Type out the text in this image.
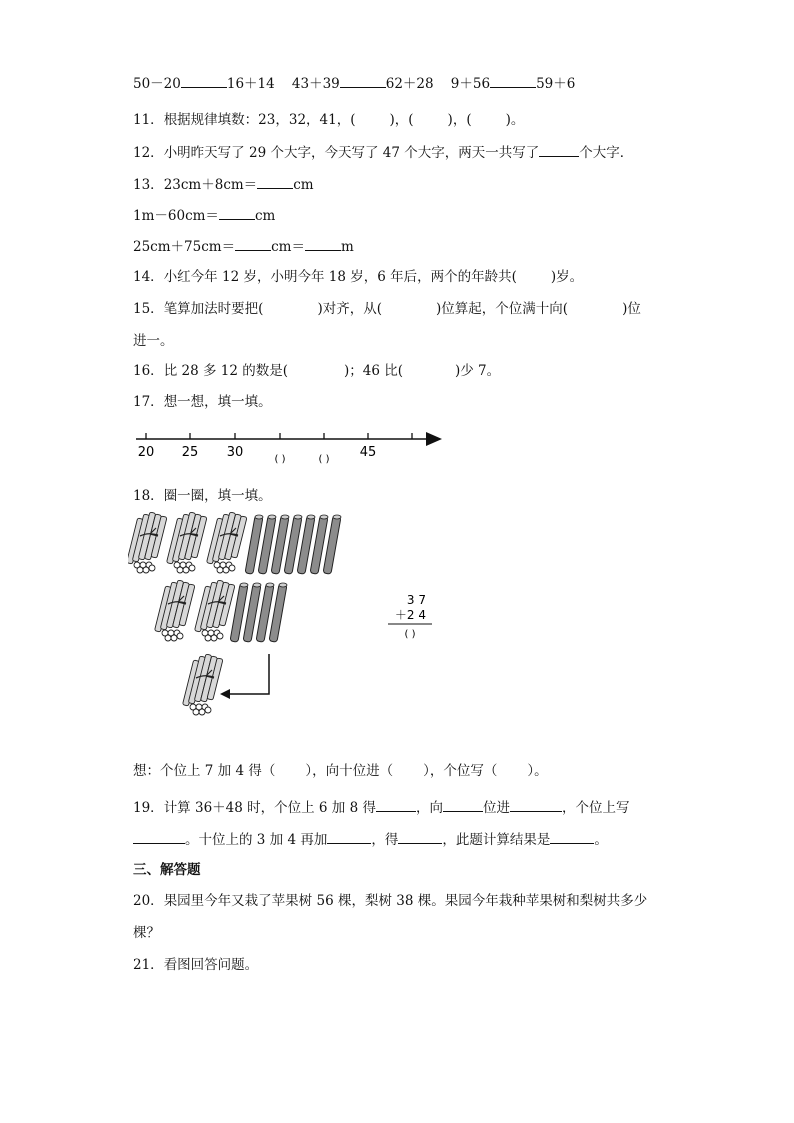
50－20	16＋14 43＋39	62＋28 9＋56	59＋6
11．根据规律填数：23，32，41，(	)，(	)，(	)。
12．小明昨天写了 29 个大字，今天写了 47 个大字，两天一共写了	个大字．
13．23cm＋8cm＝	cm
1m－60cm＝	cm
25cm＋75cm＝	cm＝	m
14．小红今年 12 岁，小明今年 18 岁，6 年后，两个的年龄共(	)岁。
15．笔算加法时要把(	)对齐，从(	)位算起，个位满十向(	)位
进一。
16．比 28 多 12 的数是(	)；46 比(	)少 7。
17．想一想，填一填。
20 25 30	( )	( ) 45
18．圈一圈，填一填。
3 7
＋2 4
( )
想：个位上 7 加 4 得（ ），向十位进（ ），个位写（ ）。
19．计算 36＋48 时，个位上 6 加 8 得	，向	位进	，个位上写
。十位上的 3 加 4 再加	，得	，此题计算结果是	。
三、解答题
20．果园里今年又栽了苹果树 56 棵，梨树 38 棵。果园今年栽种苹果树和梨树共多少
棵？
21．看图回答问题。
